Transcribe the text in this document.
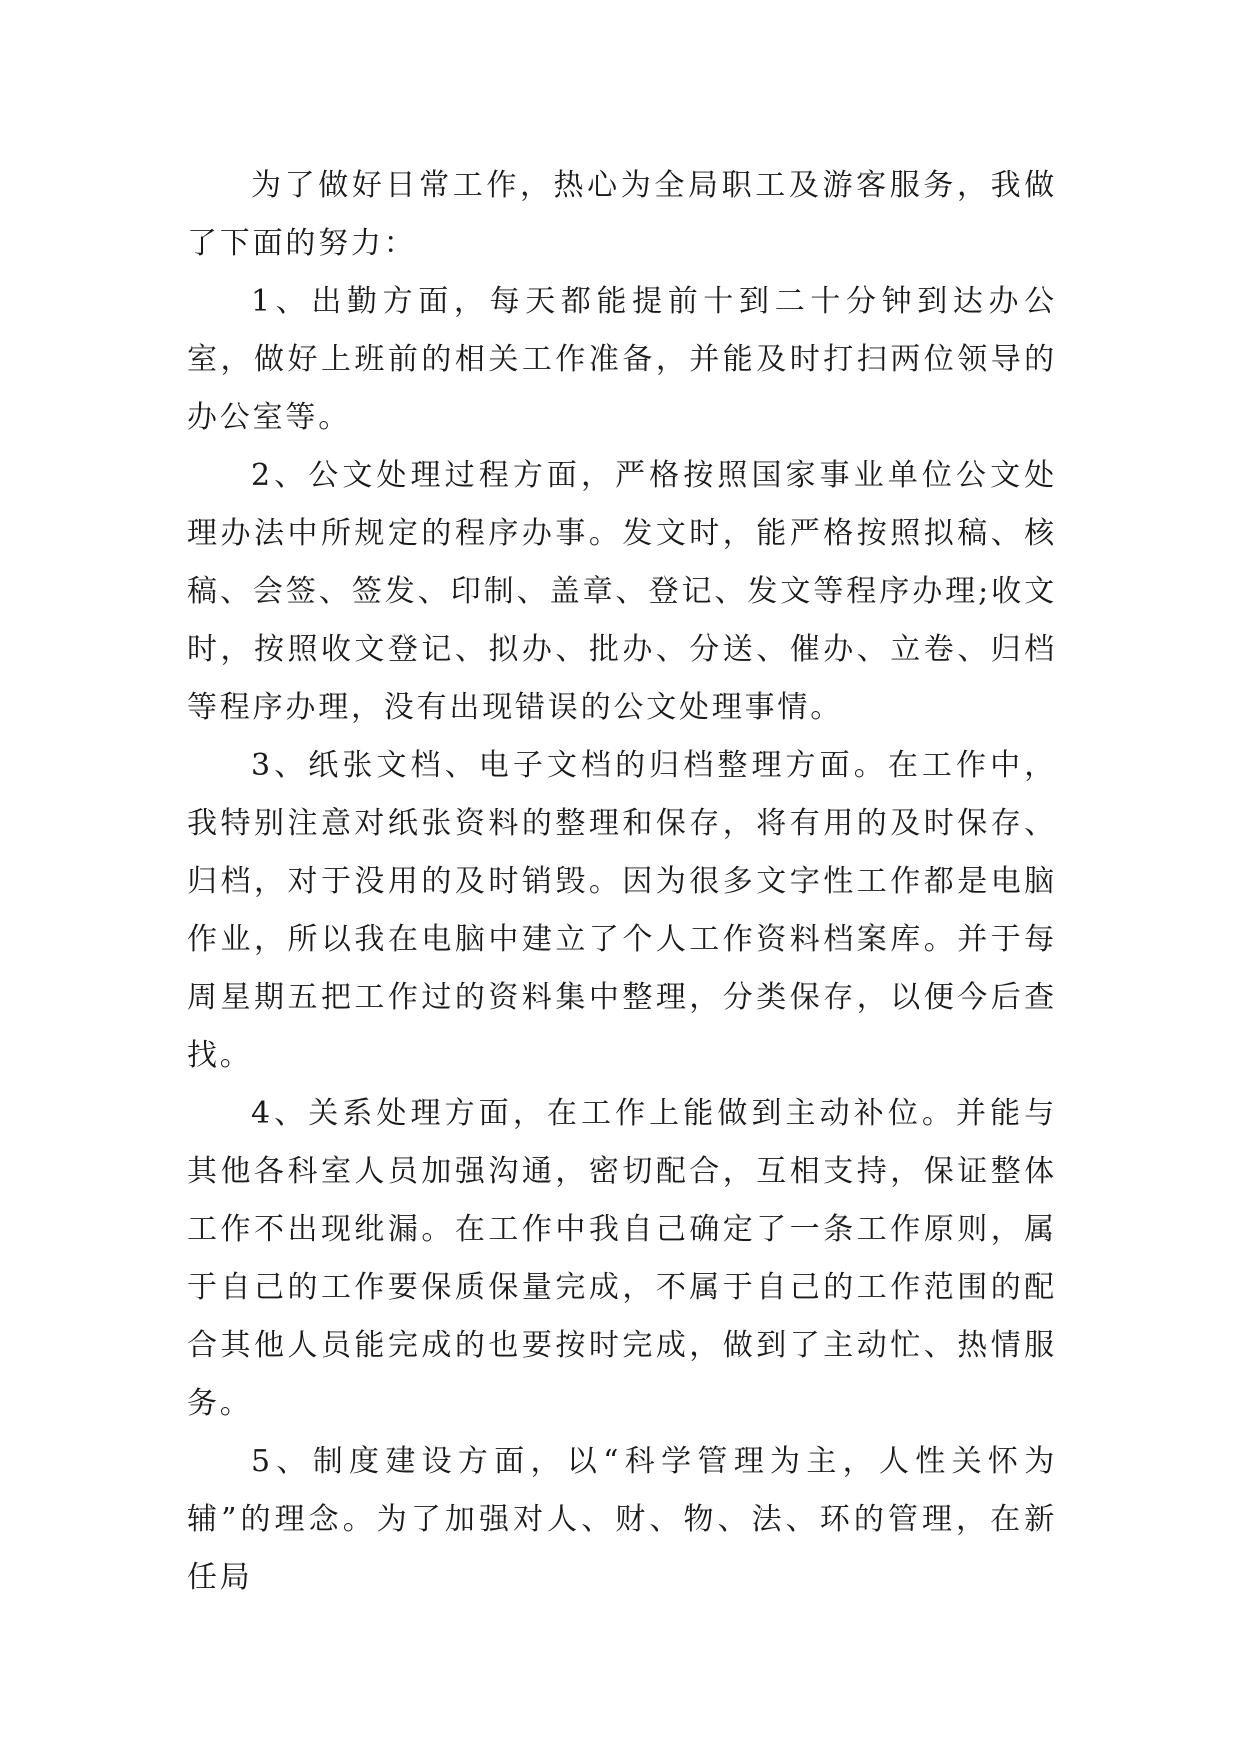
为了做好日常工作，热心为全局职工及游客服务，我做了下面的努力：

1、出勤方面，每天都能提前十到二十分钟到达办公室，做好上班前的相关工作准备，并能及时打扫两位领导的办公室等。

2、公文处理过程方面，严格按照国家事业单位公文处理办法中所规定的程序办事。发文时，能严格按照拟稿、核稿、会签、签发、印制、盖章、登记、发文等程序办理;收文时，按照收文登记、拟办、批办、分送、催办、立卷、归档等程序办理，没有出现错误的公文处理事情。

3、纸张文档、电子文档的归档整理方面。在工作中，我特别注意对纸张资料的整理和保存，将有用的及时保存、归档，对于没用的及时销毁。因为很多文字性工作都是电脑作业，所以我在电脑中建立了个人工作资料档案库。并于每周星期五把工作过的资料集中整理，分类保存，以便今后查找。

4、关系处理方面，在工作上能做到主动补位。并能与其他各科室人员加强沟通，密切配合，互相支持，保证整体工作不出现纰漏。在工作中我自己确定了一条工作原则，属于自己的工作要保质保量完成，不属于自己的工作范围的配合其他人员能完成的也要按时完成，做到了主动忙、热情服务。

5、制度建设方面，以“科学管理为主，人性关怀为辅”的理念。为了加强对人、财、物、法、环的管理，在新任局
